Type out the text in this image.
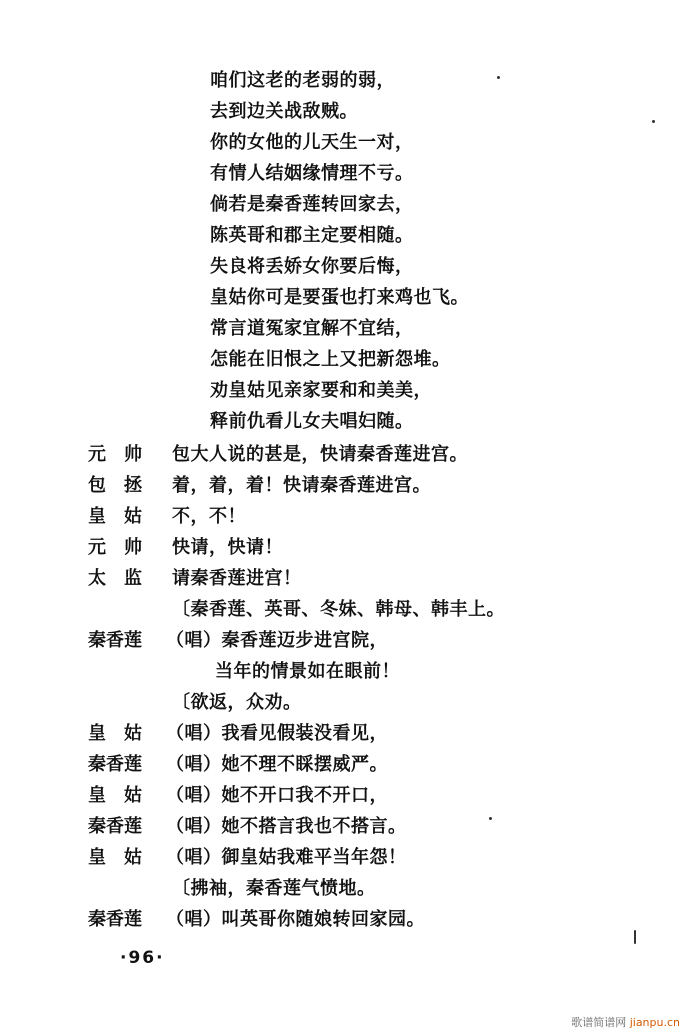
咱们这老的老弱的弱，
去到边关战敌贼。
你的女他的儿天生一对，
有情人结姻缘情理不亏。
倘若是秦香莲转回家去，
陈英哥和郡主定要相随。
失良将丢娇女你要后悔，
皇姑你可是要蛋也打来鸡也飞。
常言道冤家宜解不宜结，
怎能在旧恨之上又把新怨堆。
劝皇姑见亲家要和和美美，
释前仇看儿女夫唱妇随。
元　帅 包大人说的甚是，快请秦香莲进宫。
包　拯 着，着，着！快请秦香莲进宫。
皇　姑 不，不！
元　帅 快请，快请！
太　监 请秦香莲进宫！
〔秦香莲、英哥、冬妹、韩母、韩丰上。
秦香莲 （唱）秦香莲迈步进宫院，
当年的情景如在眼前！
〔欲返，众劝。
皇　姑 （唱）我看见假装没看见，
秦香莲 （唱）她不理不睬摆威严。
皇　姑 （唱）她不开口我不开口，
秦香莲 （唱）她不搭言我也不搭言。
皇　姑 （唱）御皇姑我难平当年怨！
〔拂袖，秦香莲气愤地。
秦香莲 （唱）叫英哥你随娘转回家园。
·96·
歌谱简谱网 jianpu.cn
